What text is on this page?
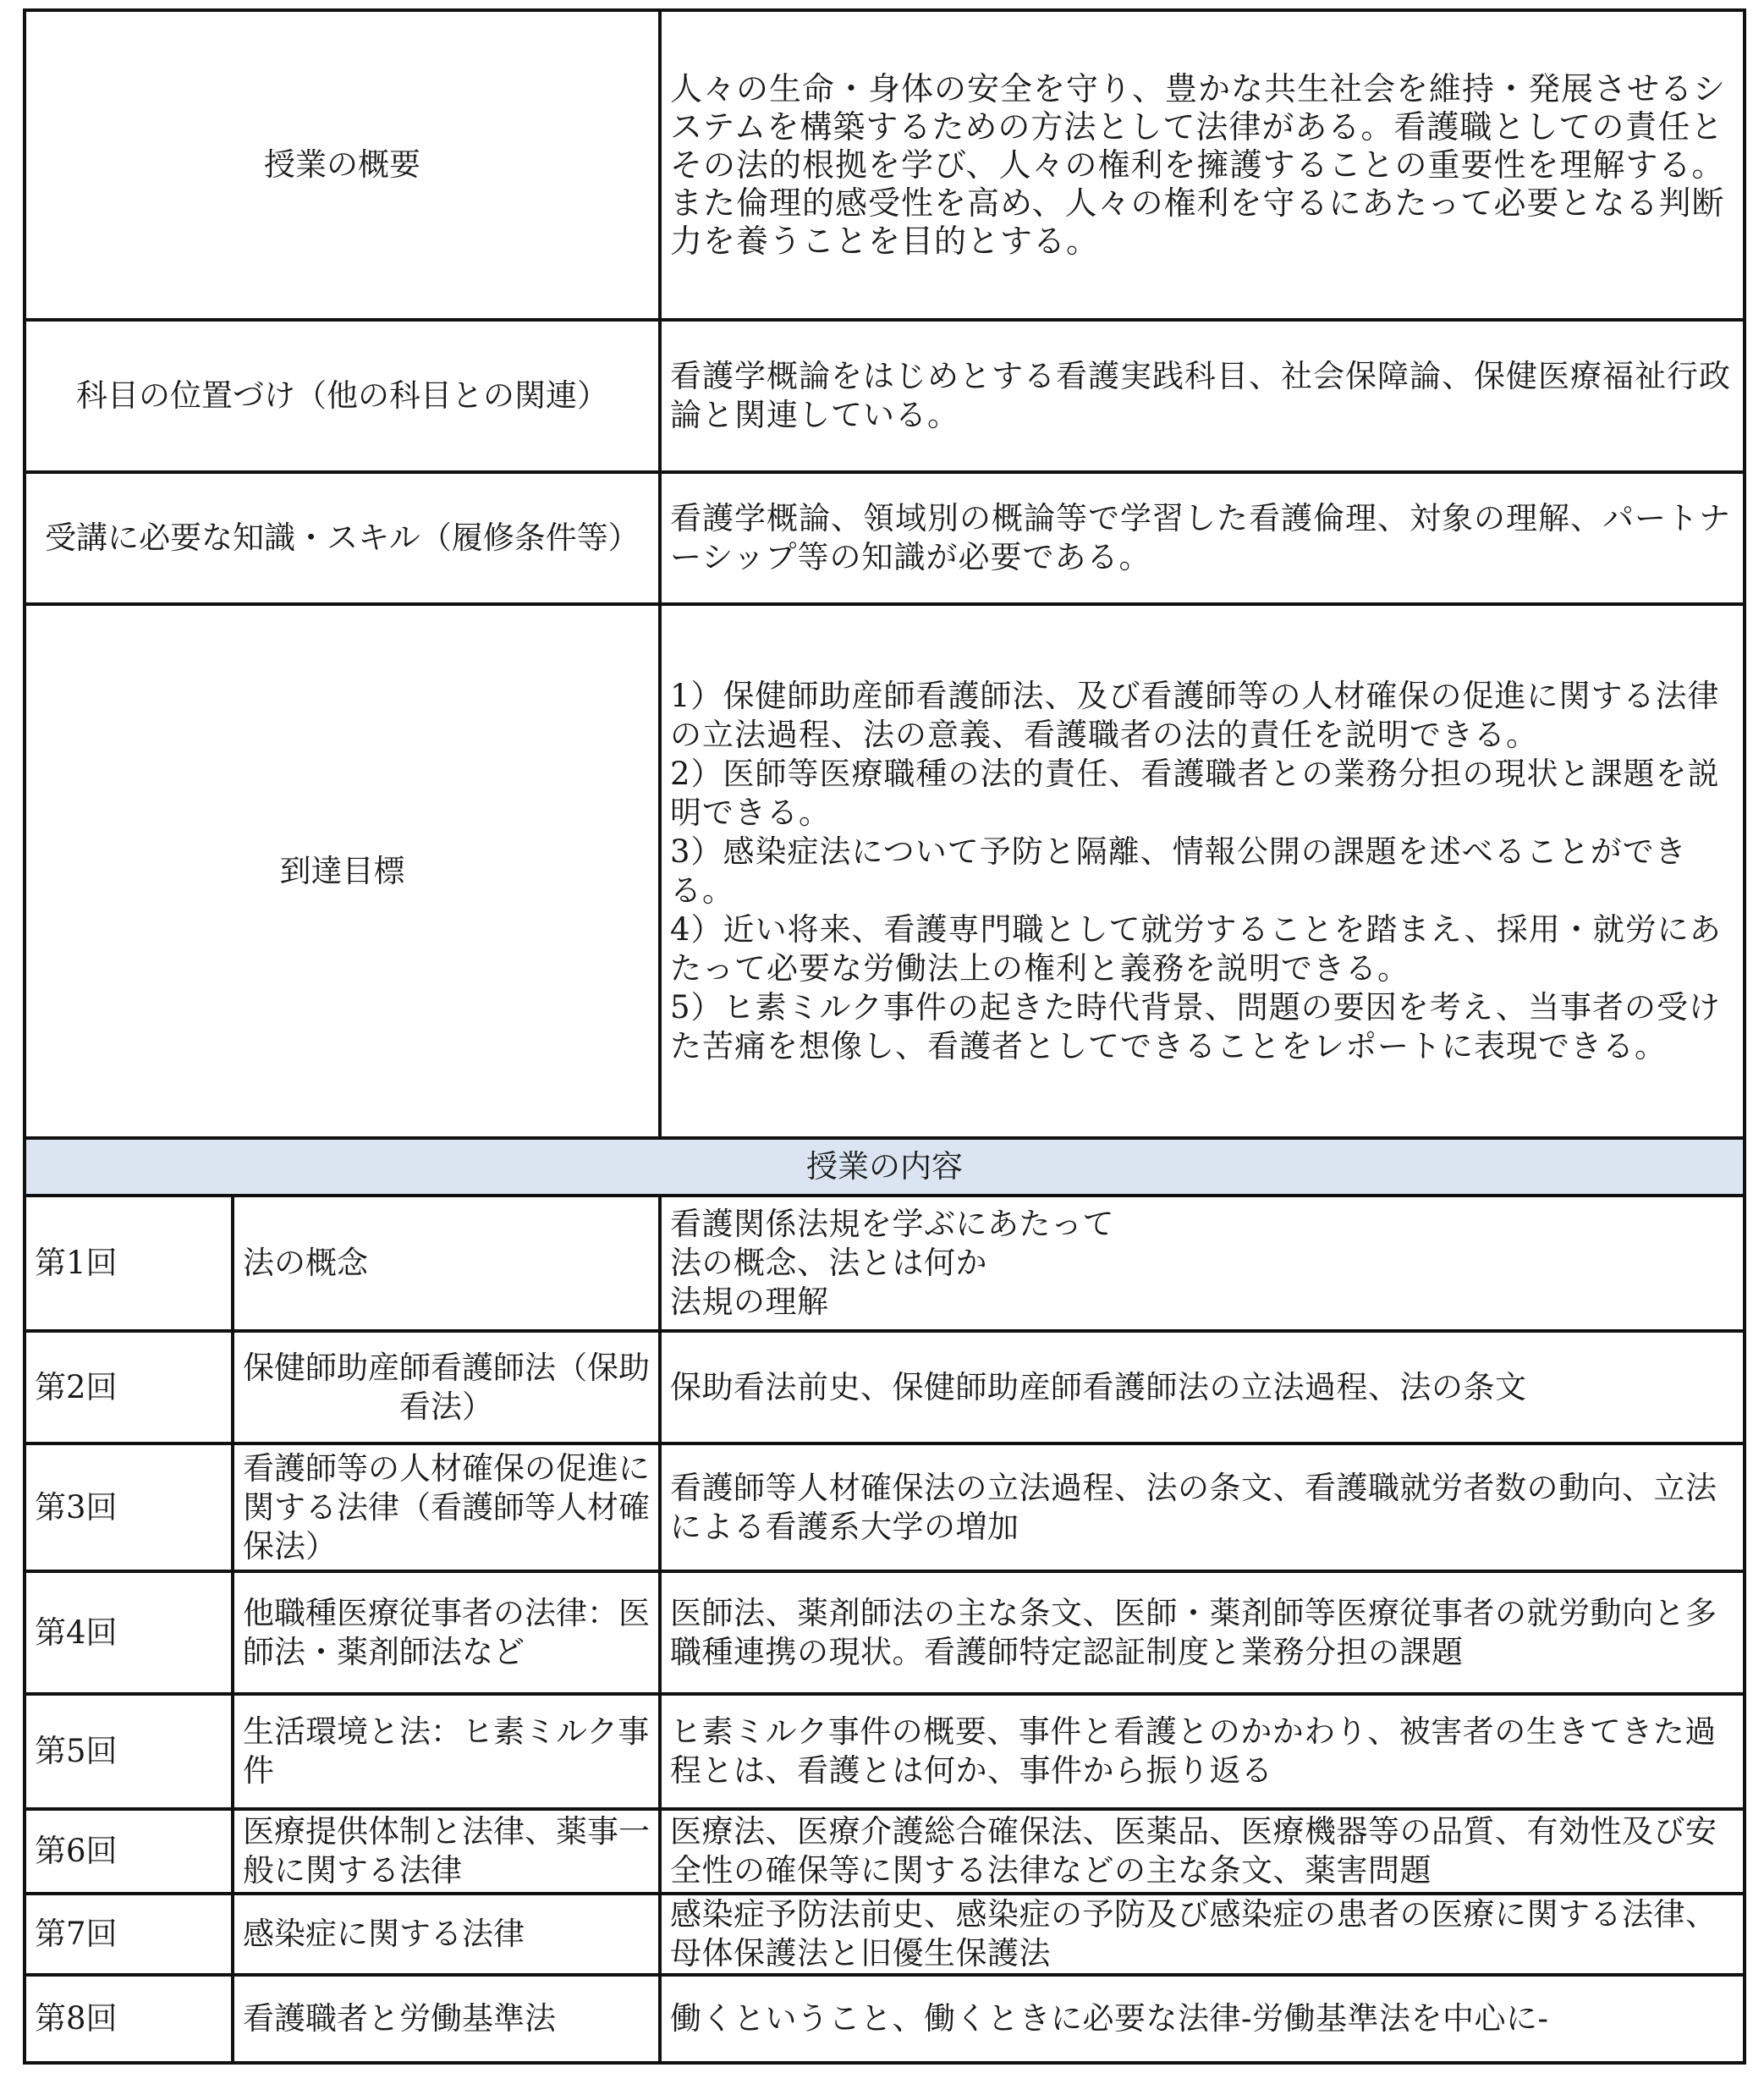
授業の概要		人々の生命・身体の安全を守り、豊かな共生社会を維持・発展させるシステムを構築するための方法として法律がある。看護職としての責任とその法的根拠を学び、人々の権利を擁護することの重要性を理解する。また倫理的感受性を高め、人々の権利を守るにあたって必要となる判断力を養うことを目的とする。
科目の位置づけ（他の科目との関連）		看護学概論をはじめとする看護実践科目、社会保障論、保健医療福祉行政論と関連している。
受講に必要な知識・スキル（履修条件等）		看護学概論、領域別の概論等で学習した看護倫理、対象の理解、パートナーシップ等の知識が必要である。
到達目標		1）保健師助産師看護師法、及び看護師等の人材確保の促進に関する法律の立法過程、法の意義、看護職者の法的責任を説明できる。
2）医師等医療職種の法的責任、看護職者との業務分担の現状と課題を説明できる。
3）感染症法について予防と隔離、情報公開の課題を述べることができる。
4）近い将来、看護専門職として就労することを踏まえ、採用・就労にあたって必要な労働法上の権利と義務を説明できる。
5）ヒ素ミルク事件の起きた時代背景、問題の要因を考え、当事者の受けた苦痛を想像し、看護者としてできることをレポートに表現できる。

授業の内容		
第1回	法の概念	看護関係法規を学ぶにあたって
法の概念、法とは何か
法規の理解

第2回	保健師助産師看護師法（保助看法）	保助看法前史、保健師助産師看護師法の立法過程、法の条文
第3回	看護師等の人材確保の促進に関する法律（看護師等人材確保法）	看護師等人材確保法の立法過程、法の条文、看護職就労者数の動向、立法による看護系大学の増加
第4回	他職種医療従事者の法律：医師法・薬剤師法など	医師法、薬剤師法の主な条文、医師・薬剤師等医療従事者の就労動向と多職種連携の現状。看護師特定認証制度と業務分担の課題
第5回	生活環境と法：ヒ素ミルク事件	ヒ素ミルク事件の概要、事件と看護とのかかわり、被害者の生きてきた過程とは、看護とは何か、事件から振り返る
第6回	医療提供体制と法律、薬事一般に関する法律	医療法、医療介護総合確保法、医薬品、医療機器等の品質、有効性及び安全性の確保等に関する法律などの主な条文、薬害問題
第7回	感染症に関する法律	感染症予防法前史、感染症の予防及び感染症の患者の医療に関する法律、母体保護法と旧優生保護法
第8回	看護職者と労働基準法	働くということ、働くときに必要な法律-労働基準法を中心に-
